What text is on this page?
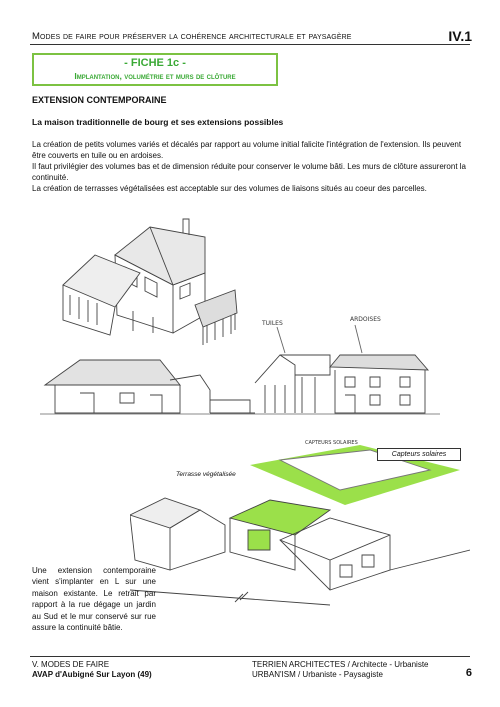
Modes de faire pour préserver la cohérence architecturale et paysagère	IV.1
- FICHE 1c -
Implantation, volumétrie et murs de clôture
EXTENSION CONTEMPORAINE
La maison traditionnelle de bourg et ses extensions possibles
La création de petits volumes variés et décalés par rapport au volume initial falicite l'intégration de l'extension. Ils peuvent être couverts en tuile ou en ardoises.
Il faut privilégier des volumes bas et de dimension réduite pour conserver le volume bâti. Les murs de clôture assureront la continuité.
La création de terrasses végétalisées est acceptable sur des volumes de liaisons situés au coeur des parcelles.
TUILES
ARDOISES
CAPTEURS SOLAIRES
Capteurs solaires
Terrasse végétalisée
Une extension contemporaine vient s'implanter en L sur une maison existante. Le retrait par rapport à la rue dégage un jardin au Sud et le mur conservé sur rue assure la continuité bâtie.
V. MODES DE FAIRE
AVAP d'Aubigné Sur Layon (49)
TERRIEN ARCHITECTES / Architecte - Urbaniste
URBAN'ISM / Urbaniste - Paysagiste	6
